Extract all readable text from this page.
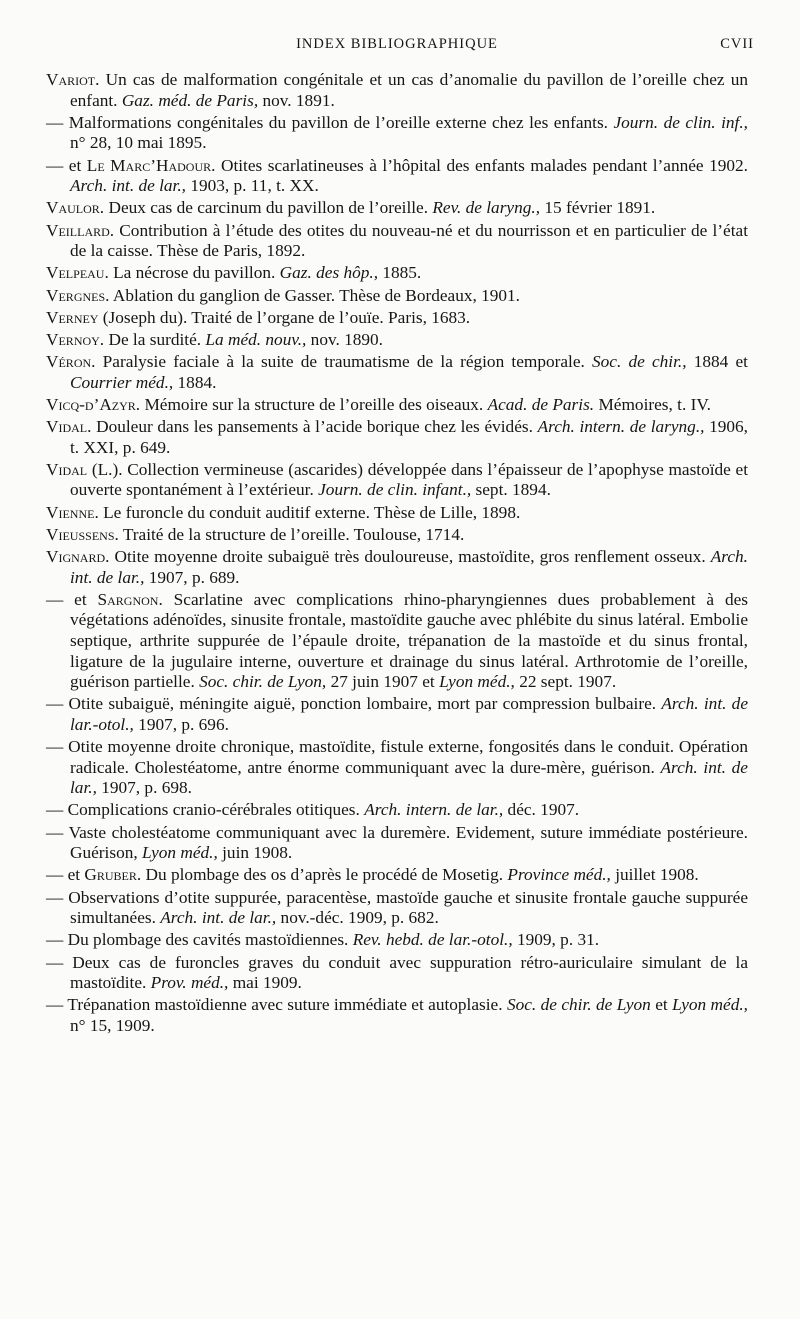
INDEX BIBLIOGRAPHIQUE	CVII

Variot. Un cas de malformation congénitale et un cas d’anomalie du pavillon de l’oreille chez un enfant. Gaz. méd. de Paris, nov. 1891.

— Malformations congénitales du pavillon de l’oreille externe chez les enfants. Journ. de clin. inf., n° 28, 10 mai 1895.

— et Le Marc’Hadour. Otites scarlatineuses à l’hôpital des enfants malades pendant l’année 1902. Arch. int. de lar., 1903, p. 11, t. XX.

Vaulor. Deux cas de carcinum du pavillon de l’oreille. Rev. de laryng., 15 février 1891.

Veillard. Contribution à l’étude des otites du nouveau-né et du nourrisson et en particulier de l’état de la caisse. Thèse de Paris, 1892.

Velpeau. La nécrose du pavillon. Gaz. des hôp., 1885.

Vergnes. Ablation du ganglion de Gasser. Thèse de Bordeaux, 1901.

Verney (Joseph du). Traité de l’organe de l’ouïe. Paris, 1683.

Vernoy. De la surdité. La méd. nouv., nov. 1890.

Véron. Paralysie faciale à la suite de traumatisme de la région temporale. Soc. de chir., 1884 et Courrier méd., 1884.

Vicq-d’Azyr. Mémoire sur la structure de l’oreille des oiseaux. Acad. de Paris. Mémoires, t. IV.

Vidal. Douleur dans les pansements à l’acide borique chez les évidés. Arch. intern. de laryng., 1906, t. XXI, p. 649.

Vidal (L.). Collection vermineuse (ascarides) développée dans l’épaisseur de l’apophyse mastoïde et ouverte spontanément à l’extérieur. Journ. de clin. infant., sept. 1894.

Vienne. Le furoncle du conduit auditif externe. Thèse de Lille, 1898.

Vieussens. Traité de la structure de l’oreille. Toulouse, 1714.

Vignard. Otite moyenne droite subaiguë très douloureuse, mastoïdite, gros renflement osseux. Arch. int. de lar., 1907, p. 689.

— et Sargnon. Scarlatine avec complications rhino-pharyngiennes dues probablement à des végétations adénoïdes, sinusite frontale, mastoïdite gauche avec phlébite du sinus latéral. Embolie septique, arthrite suppurée de l’épaule droite, trépanation de la mastoïde et du sinus frontal, ligature de la jugulaire interne, ouverture et drainage du sinus latéral. Arthrotomie de l’oreille, guérison partielle. Soc. chir. de Lyon, 27 juin 1907 et Lyon méd., 22 sept. 1907.

— Otite subaiguë, méningite aiguë, ponction lombaire, mort par compression bulbaire. Arch. int. de lar.-otol., 1907, p. 696.

— Otite moyenne droite chronique, mastoïdite, fistule externe, fongosités dans le conduit. Opération radicale. Cholestéatome, antre énorme communiquant avec la dure-mère, guérison. Arch. int. de lar., 1907, p. 698.

— Complications cranio-cérébrales otitiques. Arch. intern. de lar., déc. 1907.

— Vaste cholestéatome communiquant avec la duremère. Evidement, suture immédiate postérieure. Guérison, Lyon méd., juin 1908.

— et Gruber. Du plombage des os d’après le procédé de Mosetig. Province méd., juillet 1908.

— Observations d’otite suppurée, paracentèse, mastoïde gauche et sinusite frontale gauche suppurée simultanées. Arch. int. de lar., nov.-déc. 1909, p. 682.

— Du plombage des cavités mastoïdiennes. Rev. hebd. de lar.-otol., 1909, p. 31.

— Deux cas de furoncles graves du conduit avec suppuration rétro-auriculaire simulant de la mastoïdite. Prov. méd., mai 1909.

— Trépanation mastoïdienne avec suture immédiate et autoplasie. Soc. de chir. de Lyon et Lyon méd., n° 15, 1909.
